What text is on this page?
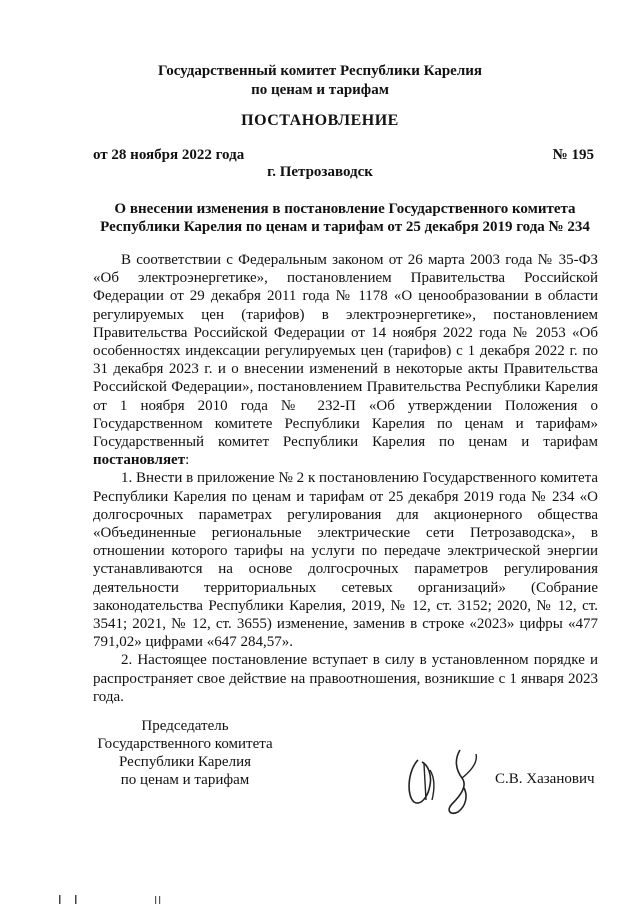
Государственный комитет Республики Карелия
по ценам и тарифам
ПОСТАНОВЛЕНИЕ
от 28 ноября 2022 года	№ 195
г. Петрозаводск
О внесении изменения в постановление Государственного комитета
Республики Карелия по ценам и тарифам от 25 декабря 2019 года № 234

В соответствии с Федеральным законом от 26 марта 2003 года № 35-ФЗ «Об электроэнергетике», постановлением Правительства Российской Федерации от 29 декабря 2011 года № 1178 «О ценообразовании в области регулируемых цен (тарифов) в электроэнергетике», постановлением Правительства Российской Федерации от 14 ноября 2022 года № 2053 «Об особенностях индексации регулируемых цен (тарифов) с 1 декабря 2022 г. по 31 декабря 2023 г. и о внесении изменений в некоторые акты Правительства Российской Федерации», постановлением Правительства Республики Карелия от 1 ноября 2010 года № 232-П «Об утверждении Положения о Государственном комитете Республики Карелия по ценам и тарифам» Государственный комитет Республики Карелия по ценам и тарифам постановляет:

1. Внести в приложение № 2 к постановлению Государственного комитета Республики Карелия по ценам и тарифам от 25 декабря 2019 года № 234 «О долгосрочных параметрах регулирования для акционерного общества «Объединенные региональные электрические сети Петрозаводска», в отношении которого тарифы на услуги по передаче электрической энергии устанавливаются на основе долгосрочных параметров регулирования деятельности территориальных сетевых организаций» (Собрание законодательства Республики Карелия, 2019, № 12, ст. 3152; 2020, № 12, ст. 3541; 2021, № 12, ст. 3655) изменение, заменив в строке «2023» цифры «477 791,02» цифрами «647 284,57».

2. Настоящее постановление вступает в силу в установленном порядке и распространяет свое действие на правоотношения, возникшие с 1 января 2023 года.

Председатель
Государственного комитета
Республики Карелия
по ценам и тарифам	С.В. Хазанович
